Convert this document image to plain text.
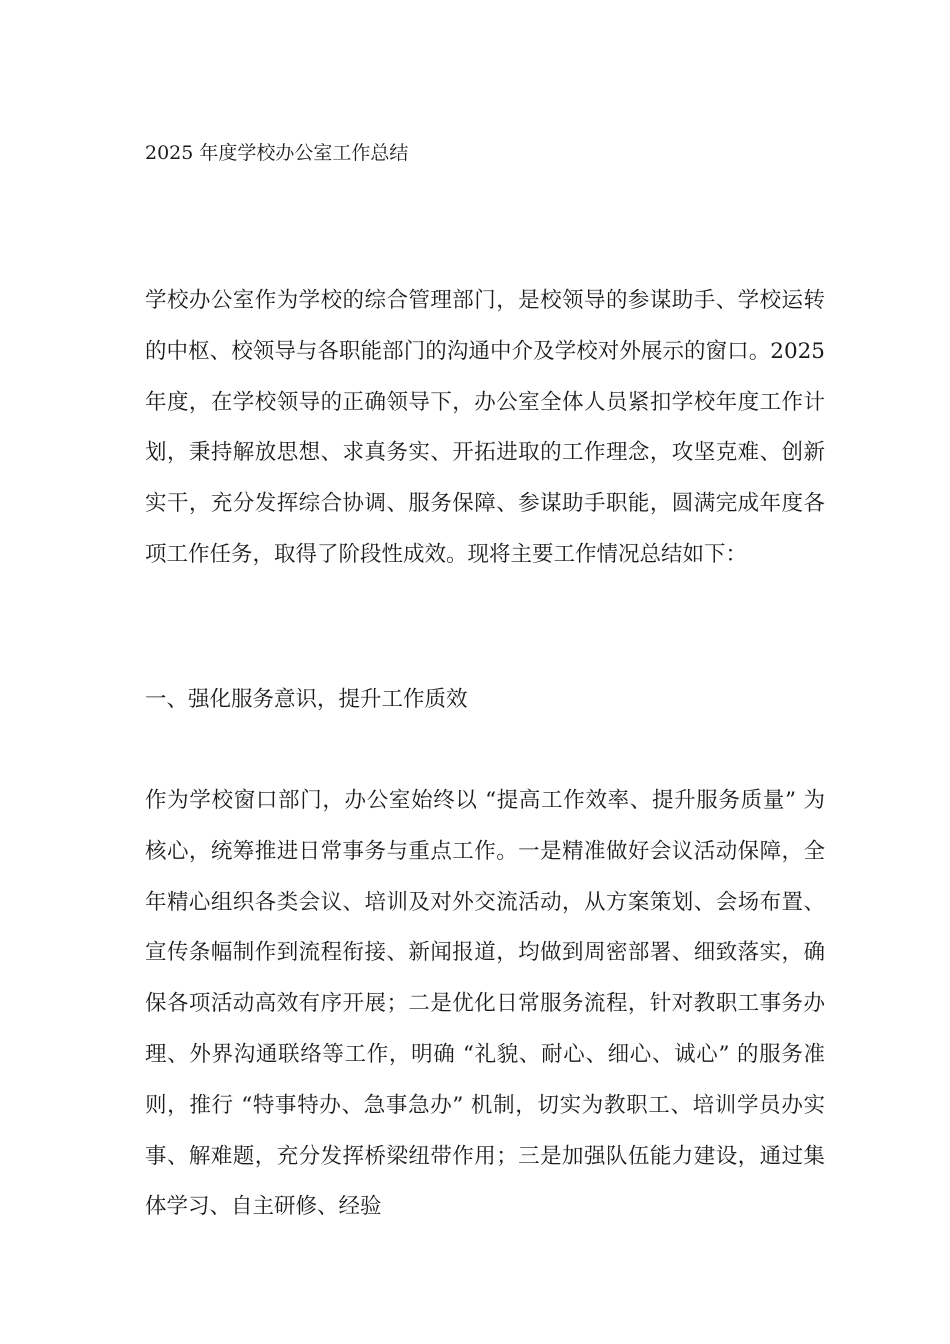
2025 年度学校办公室工作总结

学校办公室作为学校的综合管理部门，是校领导的参谋助手、学校运转的中枢、校领导与各职能部门的沟通中介及学校对外展示的窗口。2025 年度，在学校领导的正确领导下，办公室全体人员紧扣学校年度工作计划，秉持解放思想、求真务实、开拓进取的工作理念，攻坚克难、创新实干，充分发挥综合协调、服务保障、参谋助手职能，圆满完成年度各项工作任务，取得了阶段性成效。现将主要工作情况总结如下：

一、强化服务意识，提升工作质效

作为学校窗口部门，办公室始终以 “提高工作效率、提升服务质量” 为核心，统筹推进日常事务与重点工作。一是精准做好会议活动保障，全年精心组织各类会议、培训及对外交流活动，从方案策划、会场布置、宣传条幅制作到流程衔接、新闻报道，均做到周密部署、细致落实，确保各项活动高效有序开展；二是优化日常服务流程，针对教职工事务办理、外界沟通联络等工作，明确 “礼貌、耐心、细心、诚心” 的服务准则，推行 “特事特办、急事急办” 机制，切实为教职工、培训学员办实事、解难题，充分发挥桥梁纽带作用；三是加强队伍能力建设，通过集体学习、自主研修、经验
